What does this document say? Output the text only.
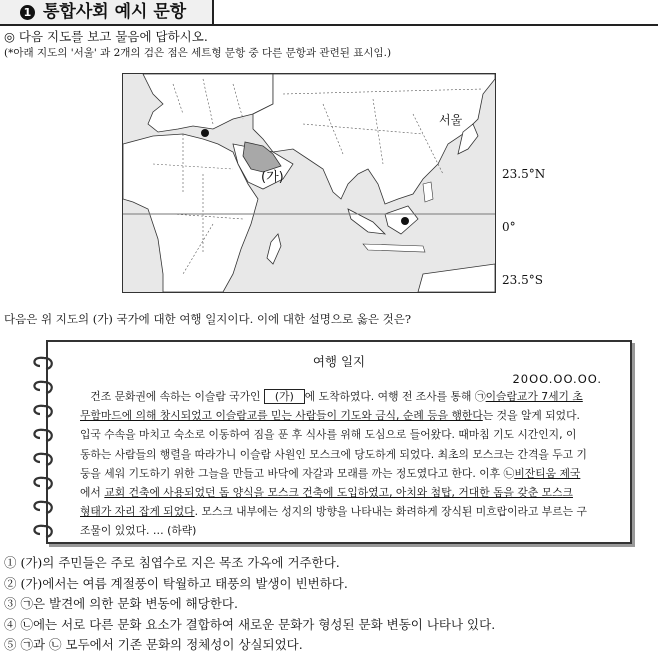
1 통합사회 예시 문항
◎ 다음 지도를 보고 물음에 답하시오.
(*아래 지도의 '서울' 과 2개의 검은 점은 세트형 문항 중 다른 문항과 관련된 표시임.)
(가)
서울
23.5°N
0°
23.5°S
다음은 위 지도의 (가) 국가에 대한 여행 일지이다. 이에 대한 설명으로 옳은 것은?
여행 일지
20OO.OO.OO.
건조 문화권에 속하는 이슬람 국가인 (가) 에 도착하였다. 여행 전 조사를 통해 ㉠이슬람교가 7세기 초
무함마드에 의해 창시되었고 이슬람교를 믿는 사람들이 기도와 금식, 순례 등을 행한다는 것을 알게 되었다.
입국 수속을 마치고 숙소로 이동하여 짐을 푼 후 식사를 위해 도심으로 들어왔다. 때마침 기도 시간인지, 이
동하는 사람들의 행렬을 따라가니 이슬람 사원인 모스크에 당도하게 되었다. 최초의 모스크는 간격을 두고 기
둥을 세워 기도하기 위한 그늘을 만들고 바닥에 자갈과 모래를 까는 정도였다고 한다. 이후 ㉡비잔티움 제국
에서 교회 건축에 사용되었던 돔 양식을 모스크 건축에 도입하였고, 아치와 첨탑, 거대한 돔을 갖춘 모스크
형태가 자리 잡게 되었다. 모스크 내부에는 성지의 방향을 나타내는 화려하게 장식된 미흐랍이라고 부르는 구
조물이 있었다. … (하략)
① (가)의 주민들은 주로 침엽수로 지은 목조 가옥에 거주한다.
② (가)에서는 여름 계절풍이 탁월하고 태풍의 발생이 빈번하다.
③ ㉠은 발견에 의한 문화 변동에 해당한다.
④ ㉡에는 서로 다른 문화 요소가 결합하여 새로운 문화가 형성된 문화 변동이 나타나 있다.
⑤ ㉠과 ㉡ 모두에서 기존 문화의 정체성이 상실되었다.
